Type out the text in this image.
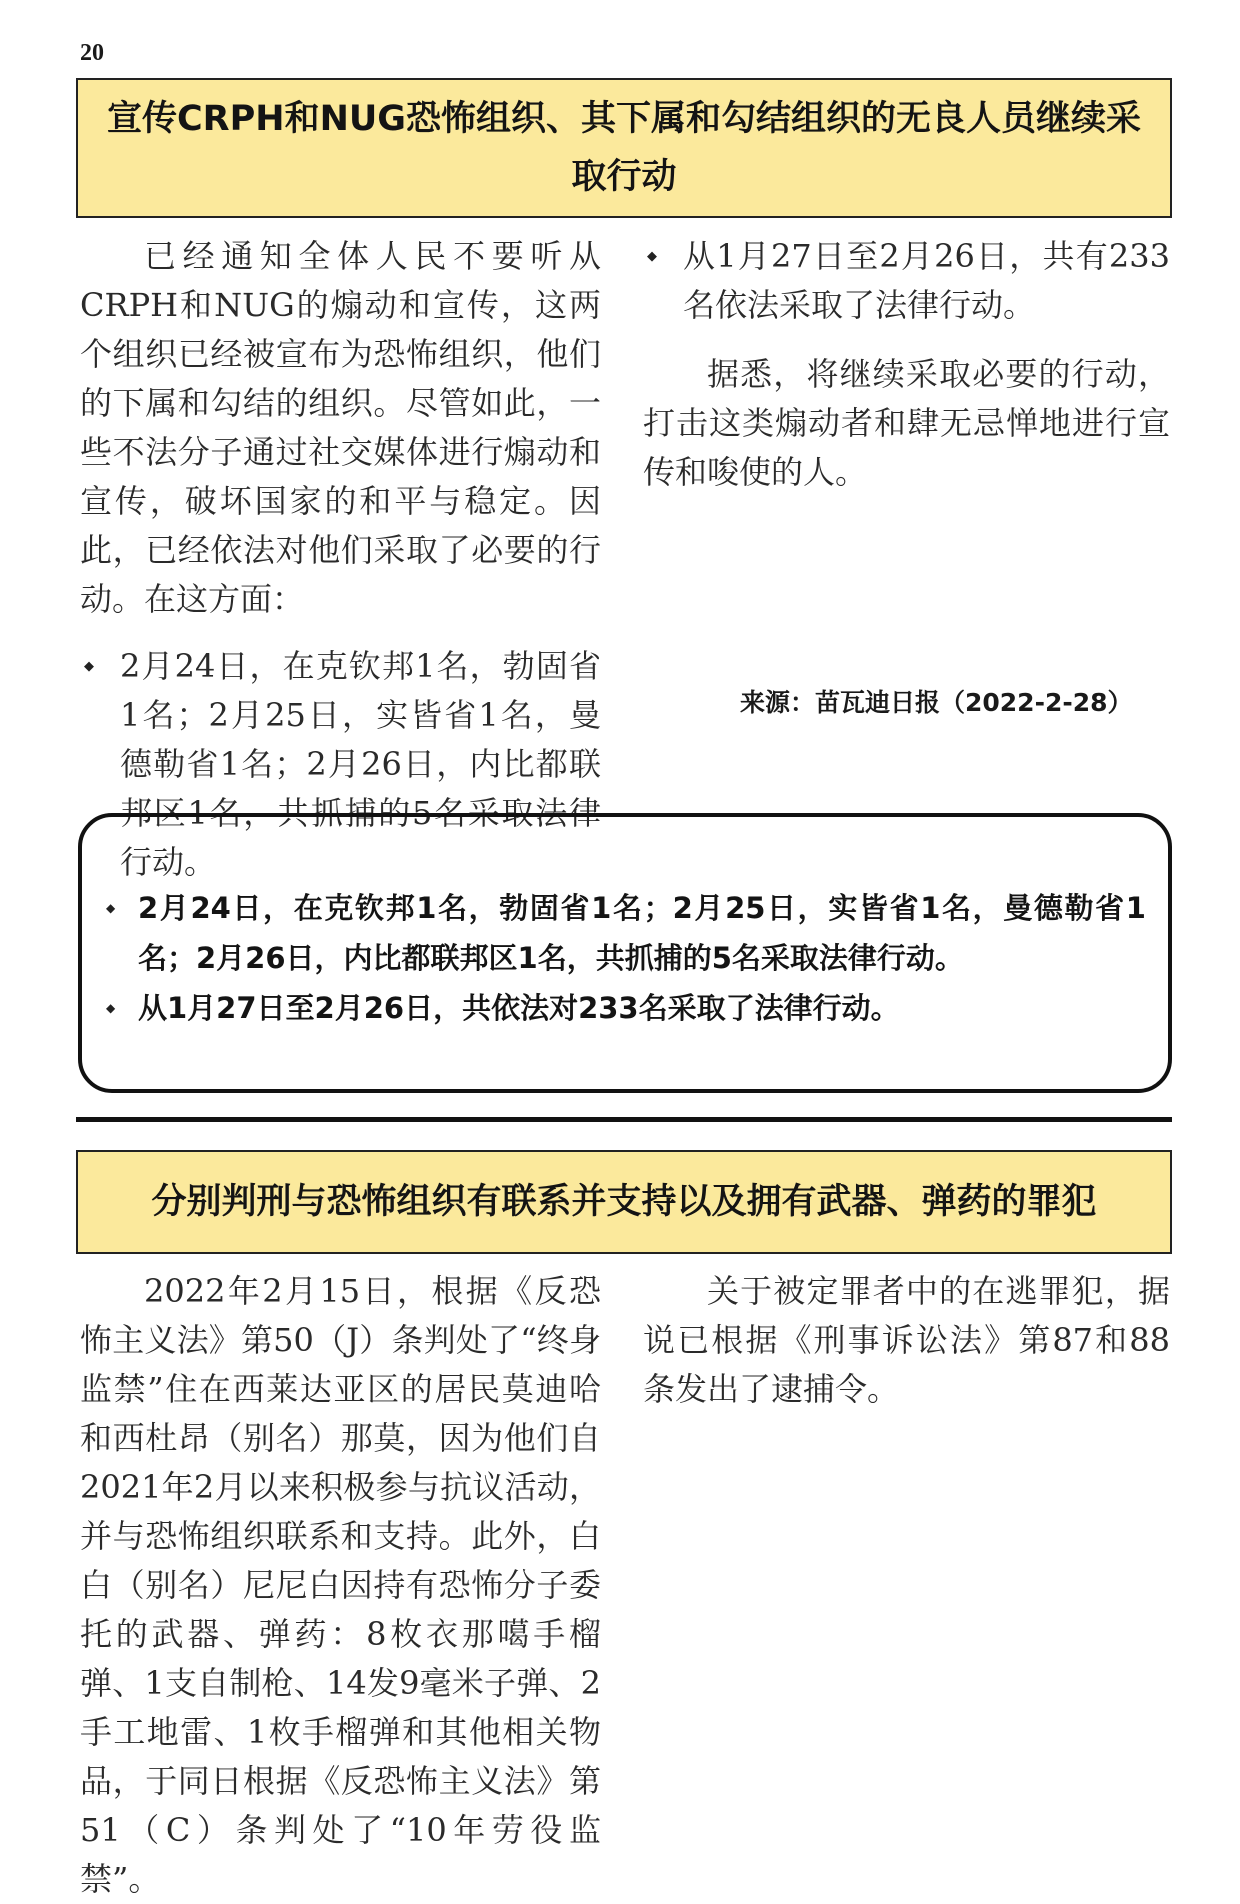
20
宣传CRPH和NUG恐怖组织、其下属和勾结组织的无良人员继续采取行动

已经通知全体人民不要听从CRPH和NUG的煽动和宣传，这两个组织已经被宣布为恐怖组织，他们的下属和勾结的组织。尽管如此，一些不法分子通过社交媒体进行煽动和宣传，破坏国家的和平与稳定。因此，已经依法对他们采取了必要的行动。在这方面：

◆ 2月24日，在克钦邦1名，勃固省1名；2月25日，实皆省1名，曼德勒省1名；2月26日，内比都联邦区1名，共抓捕的5名采取法律行动。
◆ 从1月27日至2月26日，共有233名依法采取了法律行动。

据悉，将继续采取必要的行动，打击这类煽动者和肆无忌惮地进行宣传和唆使的人。

来源：苗瓦迪日报（2022-2-28）
◆ 2月24日，在克钦邦1名，勃固省1名；2月25日，实皆省1名，曼德勒省1名；2月26日，内比都联邦区1名，共抓捕的5名采取法律行动。
◆ 从1月27日至2月26日，共依法对233名采取了法律行动。
分别判刑与恐怖组织有联系并支持以及拥有武器、弹药的罪犯

2022年2月15日，根据《反恐怖主义法》第50（J）条判处了“终身监禁”住在西莱达亚区的居民莫迪哈和西杜昂（别名）那莫，因为他们自2021年2月以来积极参与抗议活动，并与恐怖组织联系和支持。此外，白白（别名）尼尼白因持有恐怖分子委托的武器、弹药：8枚衣那噶手榴弹、1支自制枪、14发9毫米子弹、2手工地雷、1枚手榴弹和其他相关物品，于同日根据《反恐怖主义法》第51（C）条判处了“10年劳役监禁”。

关于被定罪者中的在逃罪犯，据说已根据《刑事诉讼法》第87和88条发出了逮捕令。
